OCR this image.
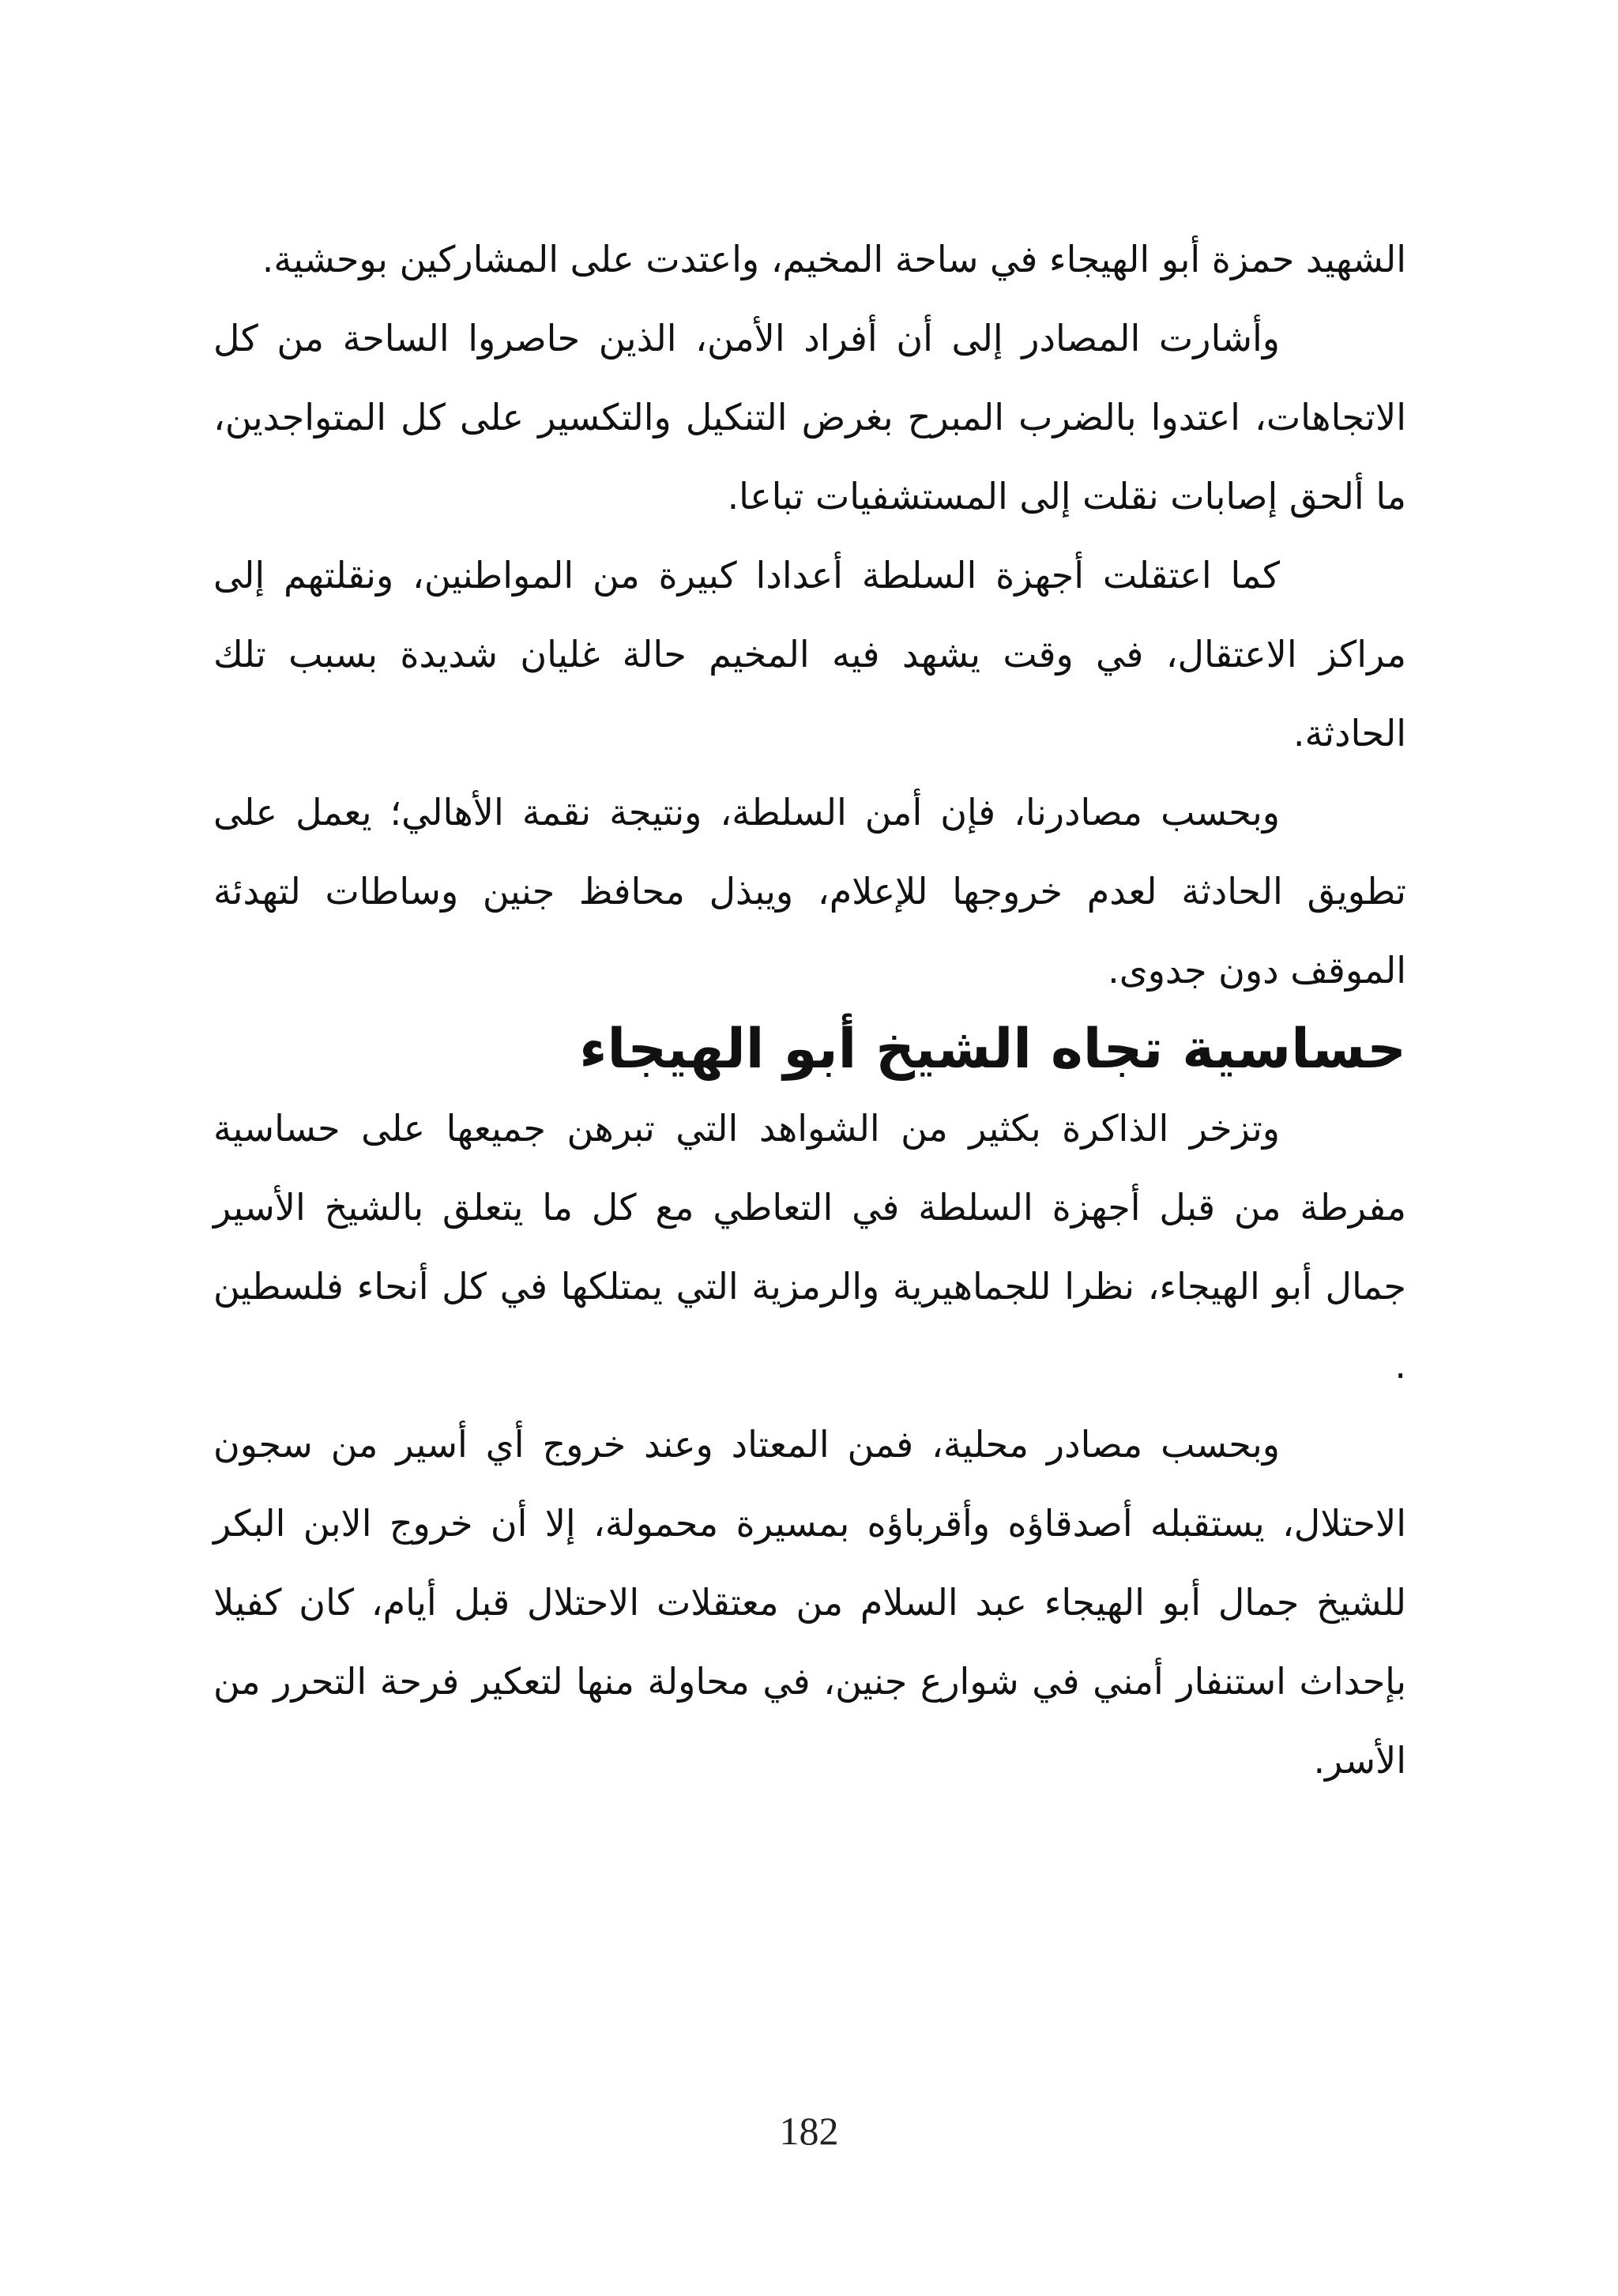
الشهيد حمزة أبو الهيجاء في ساحة المخيم، واعتدت على المشاركين بوحشية.

وأشارت المصادر إلى أن أفراد الأمن، الذين حاصروا الساحة من كل الاتجاهات، اعتدوا بالضرب المبرح بغرض التنكيل والتكسير على كل المتواجدين، ما ألحق إصابات نقلت إلى المستشفيات تباعا.

كما اعتقلت أجهزة السلطة أعدادا كبيرة من المواطنين، ونقلتهم إلى مراكز الاعتقال، في وقت يشهد فيه المخيم حالة غليان شديدة بسبب تلك الحادثة.

وبحسب مصادرنا، فإن أمن السلطة، ونتيجة نقمة الأهالي؛ يعمل على تطويق الحادثة لعدم خروجها للإعلام، ويبذل محافظ جنين وساطات لتهدئة الموقف دون جدوى.

حساسية تجاه الشيخ أبو الهيجاء

وتزخر الذاكرة بكثير من الشواهد التي تبرهن جميعها على حساسية مفرطة من قبل أجهزة السلطة في التعاطي مع كل ما يتعلق بالشيخ الأسير جمال أبو الهيجاء، نظرا للجماهيرية والرمزية التي يمتلكها في كل أنحاء فلسطين .

وبحسب مصادر محلية، فمن المعتاد وعند خروج أي أسير من سجون الاحتلال، يستقبله أصدقاؤه وأقرباؤه بمسيرة محمولة، إلا أن خروج الابن البكر للشيخ جمال أبو الهيجاء عبد السلام من معتقلات الاحتلال قبل أيام، كان كفيلا بإحداث استنفار أمني في شوارع جنين، في محاولة منها لتعكير فرحة التحرر من الأسر.

182
